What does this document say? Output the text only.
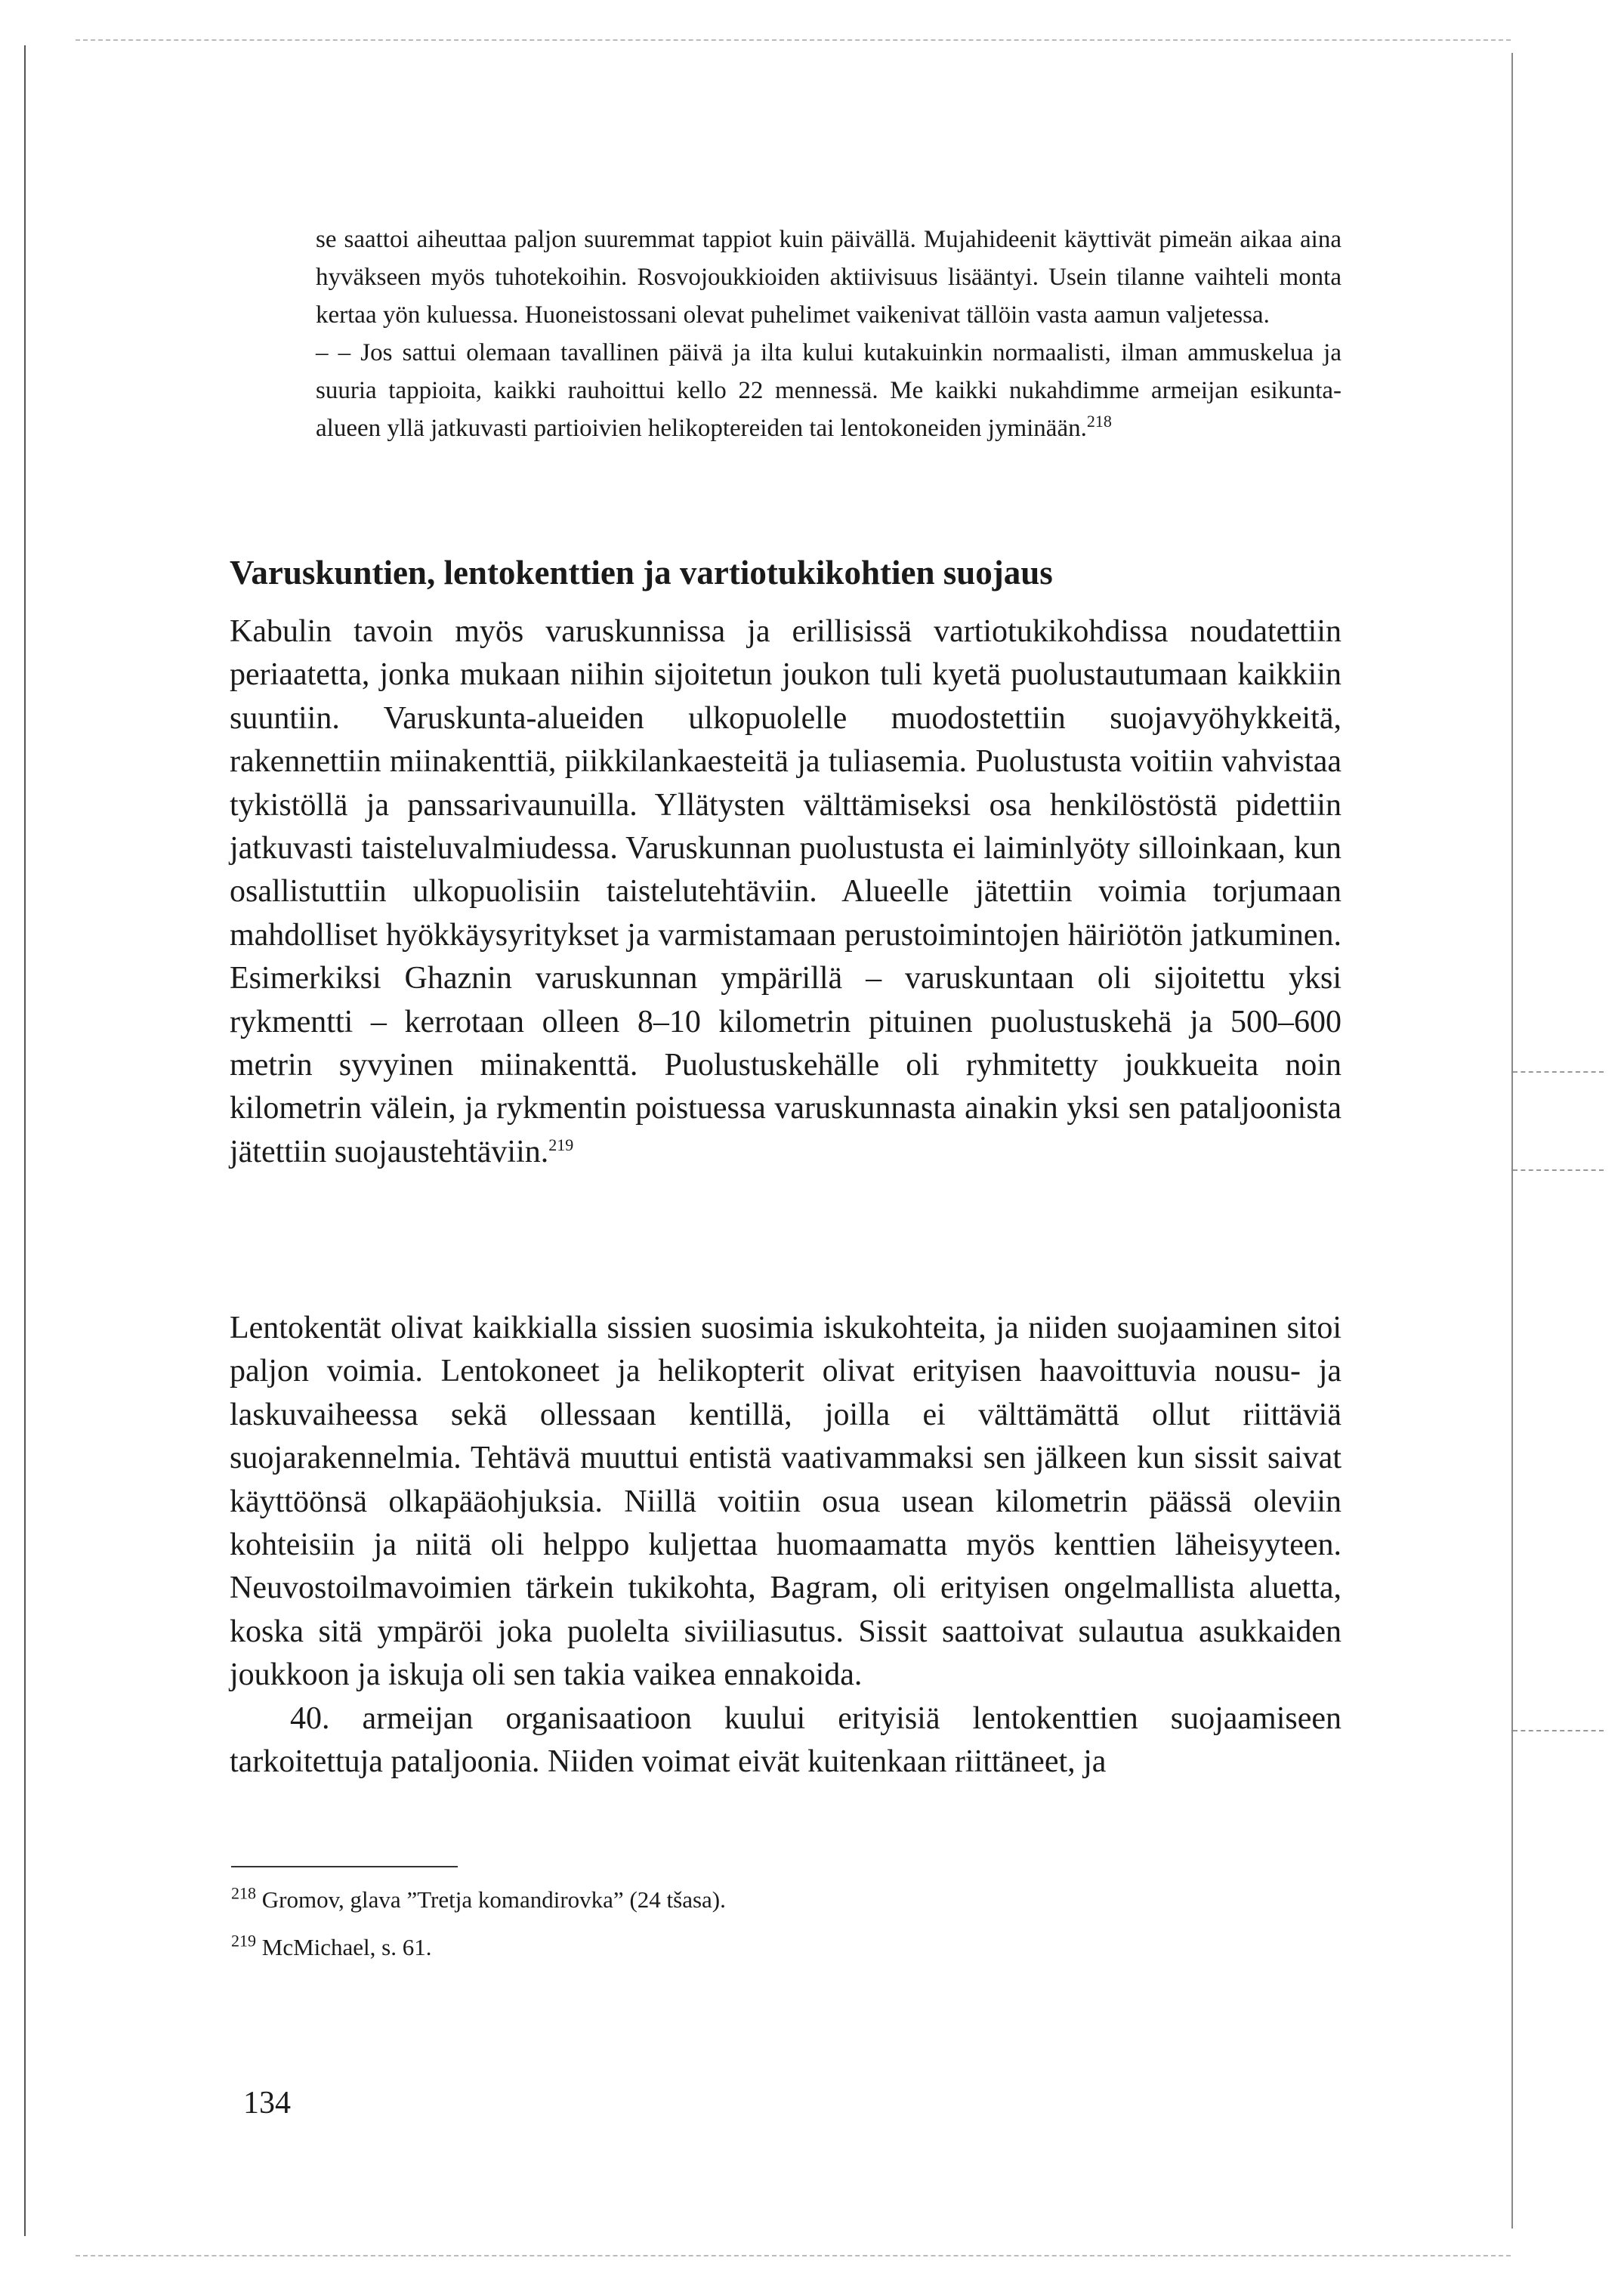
se saattoi aiheuttaa paljon suuremmat tappiot kuin päivällä. Mujahideenit käyttivät pimeän aikaa aina hyväkseen myös tuhotekoihin. Rosvojoukkioiden aktiivisuus lisääntyi. Usein tilanne vaihteli monta kertaa yön kuluessa. Huoneistossani olevat puhelimet vaikenivat tällöin vasta aamun valjetessa.

– – Jos sattui olemaan tavallinen päivä ja ilta kului kutakuinkin normaalisti, ilman ammuskelua ja suuria tappioita, kaikki rauhoittui kello 22 mennessä. Me kaikki nukahdimme armeijan esikunta-alueen yllä jatkuvasti partioivien helikoptereiden tai lentokoneiden jyminään.$^{218}$

Varuskuntien, lentokenttien ja vartiotukikohtien suojaus

Kabulin tavoin myös varuskunnissa ja erillisissä vartiotukikohdissa noudatettiin periaatetta, jonka mukaan niihin sijoitetun joukon tuli kyetä puolustautumaan kaikkiin suuntiin. Varuskunta-alueiden ulkopuolelle muodostettiin suojavyöhykkeitä, rakennettiin miinakenttiä, piikkilankaesteitä ja tuliasemia. Puolustusta voitiin vahvistaa tykistöllä ja panssarivaunuilla. Yllätysten välttämiseksi osa henkilöstöstä pidettiin jatkuvasti taisteluvalmiudessa. Varuskunnan puolustusta ei laiminlyöty silloinkaan, kun osallistuttiin ulkopuolisiin taistelutehtäviin. Alueelle jätettiin voimia torjumaan mahdolliset hyökkäysyritykset ja varmistamaan perustoimintojen häiriötön jatkuminen. Esimerkiksi Ghaznin varuskunnan ympärillä – varuskuntaan oli sijoitettu yksi rykmentti – kerrotaan olleen 8–10 kilometrin pituinen puolustuskehä ja 500–600 metrin syvyinen miinakenttä. Puolustuskehälle oli ryhmitetty joukkueita noin kilometrin välein, ja rykmentin poistuessa varuskunnasta ainakin yksi sen pataljoonista jätettiin suojaustehtäviin.$^{219}$

Lentokentät olivat kaikkialla sissien suosimia iskukohteita, ja niiden suojaaminen sitoi paljon voimia. Lentokoneet ja helikopterit olivat erityisen haavoittuvia nousu- ja laskuvaiheessa sekä ollessaan kentillä, joilla ei välttämättä ollut riittäviä suojarakennelmia. Tehtävä muuttui entistä vaativammaksi sen jälkeen kun sissit saivat käyttöönsä olkapääohjuksia. Niillä voitiin osua usean kilometrin päässä oleviin kohteisiin ja niitä oli helppo kuljettaa huomaamatta myös kenttien läheisyyteen. Neuvostoilmavoimien tärkein tukikohta, Bagram, oli erityisen ongelmallista aluetta, koska sitä ympäröi joka puolelta siviiliasutus. Sissit saattoivat sulautua asukkaiden joukkoon ja iskuja oli sen takia vaikea ennakoida.

40. armeijan organisaatioon kuului erityisiä lentokenttien suojaamiseen tarkoitettuja pataljoonia. Niiden voimat eivät kuitenkaan riittäneet, ja

$^{218}$ Gromov, glava ”Tretja komandirovka” (24 tšasa).

$^{219}$ McMichael, s. 61.

134
